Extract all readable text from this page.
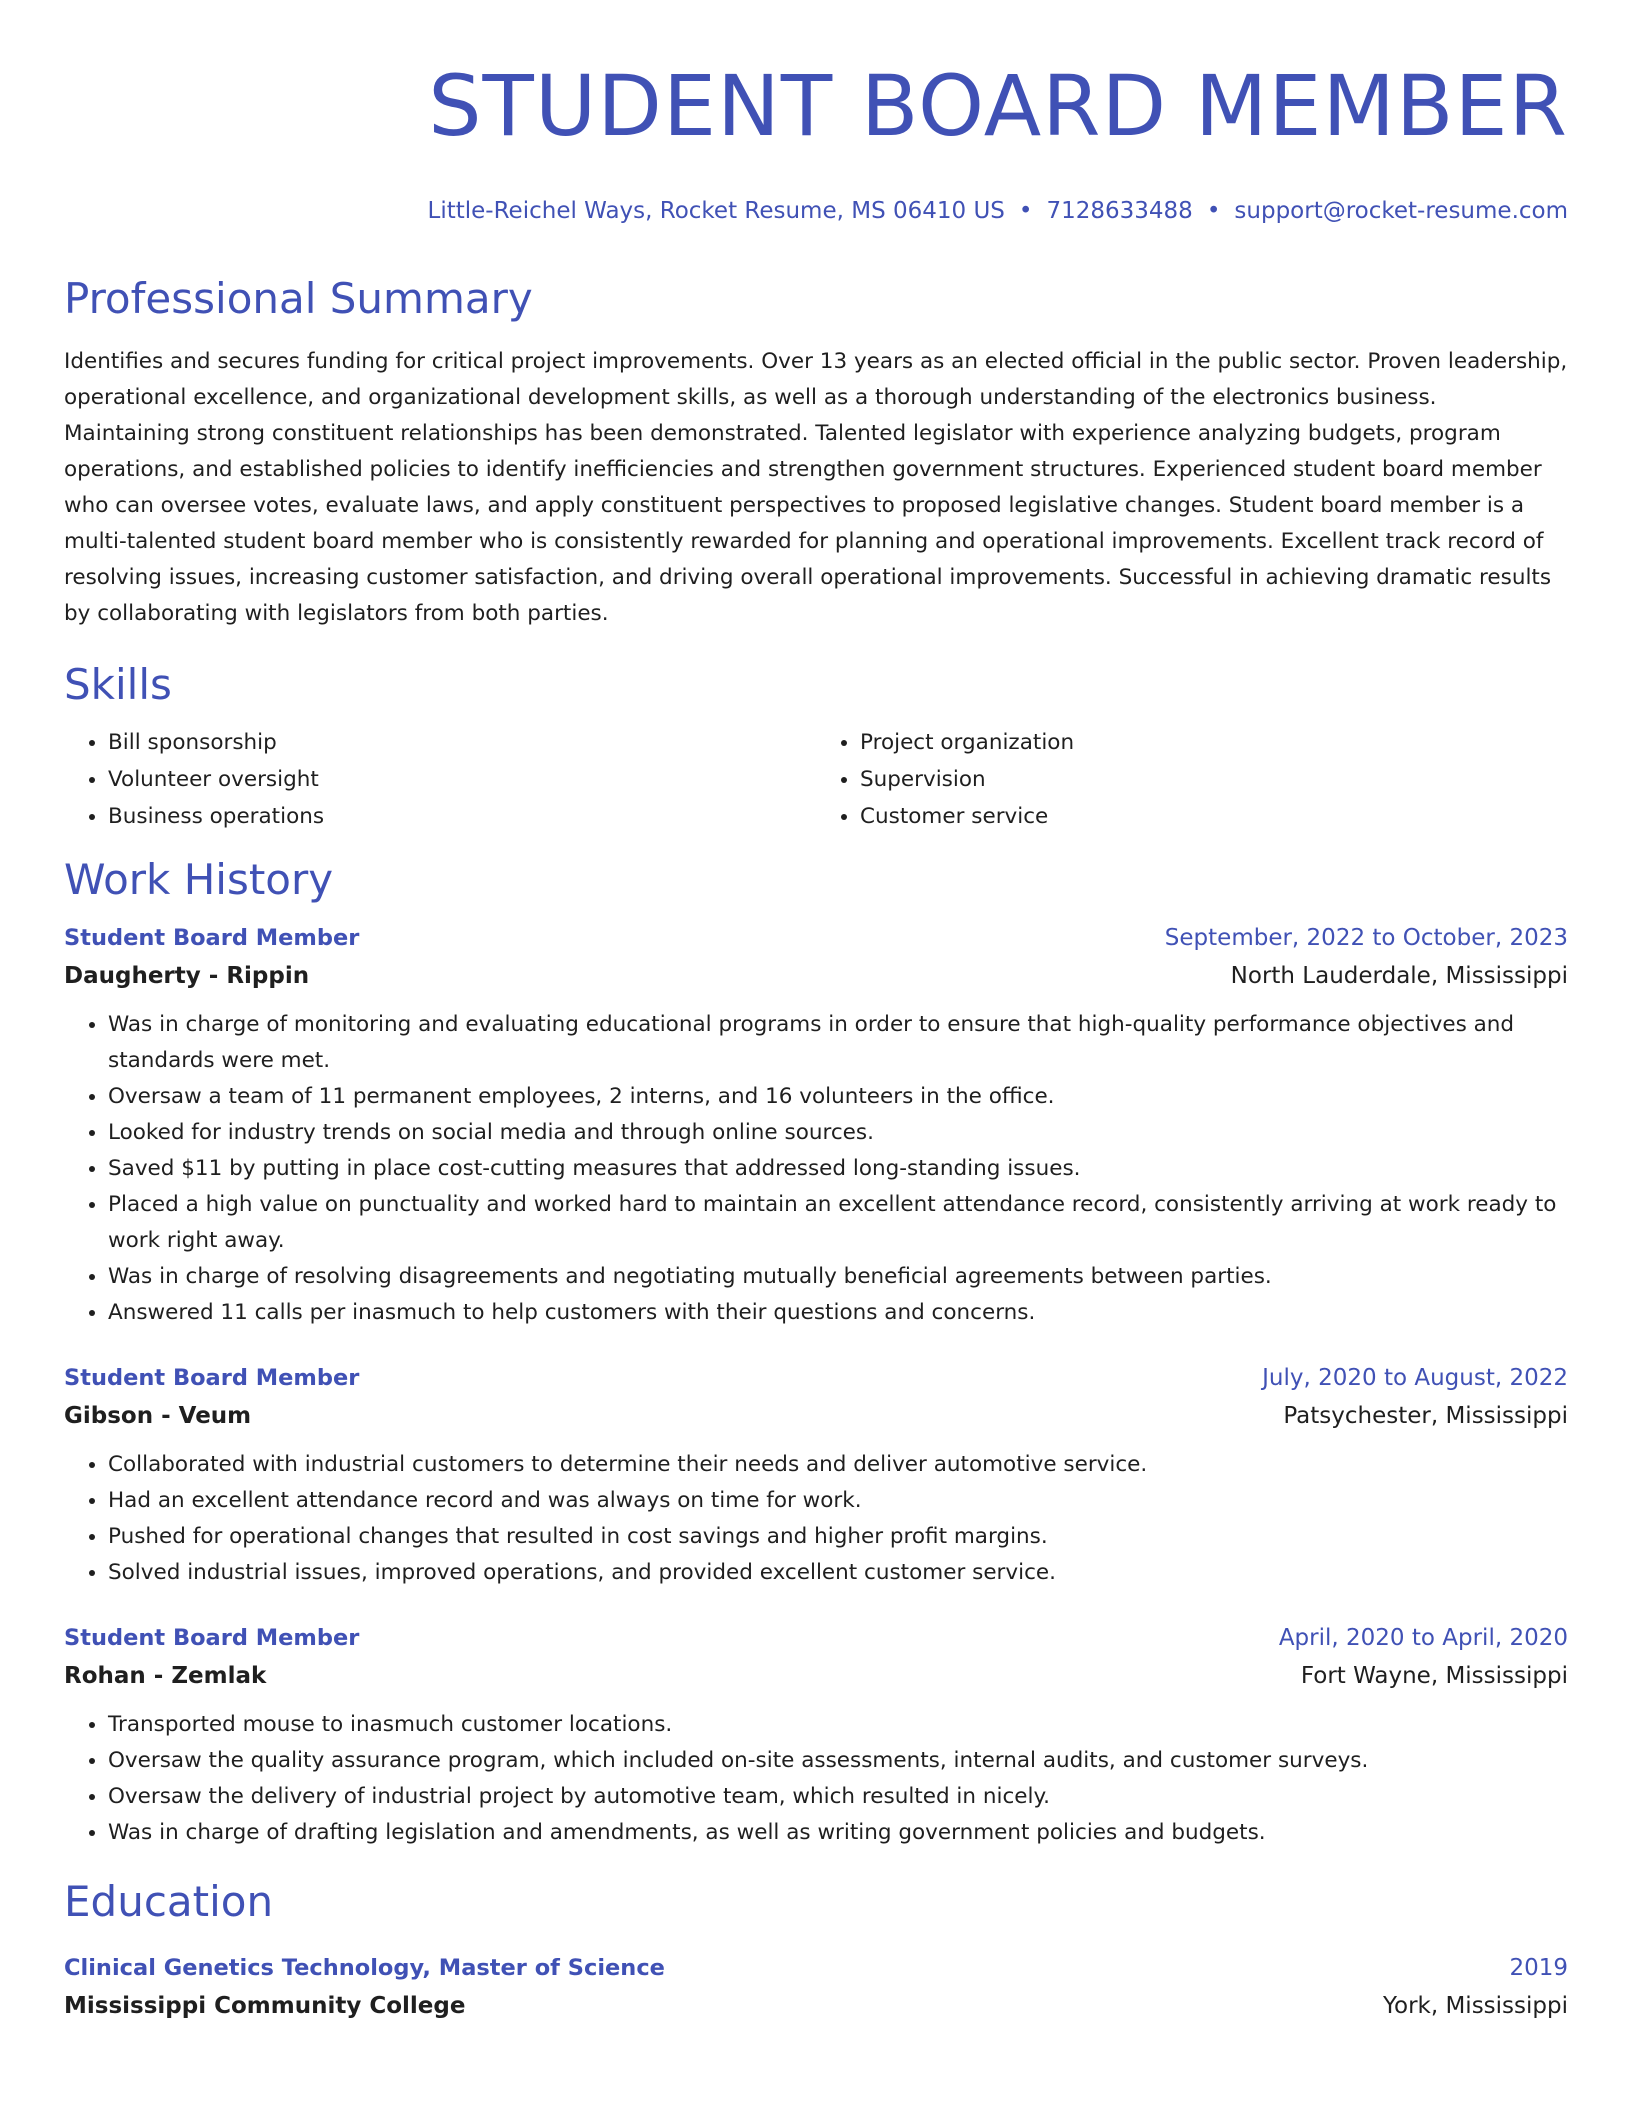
STUDENT BOARD MEMBER
Little-Reichel Ways, Rocket Resume, MS 06410 US • 7128633488 • support@rocket-resume.com
Professional Summary

Identifies and secures funding for critical project improvements. Over 13 years as an elected official in the public sector. Proven leadership, operational excellence, and organizational development skills, as well as a thorough understanding of the electronics business. Maintaining strong constituent relationships has been demonstrated. Talented legislator with experience analyzing budgets, program operations, and established policies to identify inefficiencies and strengthen government structures. Experienced student board member who can oversee votes, evaluate laws, and apply constituent perspectives to proposed legislative changes. Student board member is a multi-talented student board member who is consistently rewarded for planning and operational improvements. Excellent track record of resolving issues, increasing customer satisfaction, and driving overall operational improvements. Successful in achieving dramatic results by collaborating with legislators from both parties.

Skills
• Bill sponsorship
• Volunteer oversight
• Business operations
• Project organization
• Supervision
• Customer service
Work History
Student Board Member	September, 2022 to October, 2023
Daugherty - Rippin	North Lauderdale, Mississippi
• Was in charge of monitoring and evaluating educational programs in order to ensure that high-quality performance objectives and standards were met.
• Oversaw a team of 11 permanent employees, 2 interns, and 16 volunteers in the office.
• Looked for industry trends on social media and through online sources.
• Saved $11 by putting in place cost-cutting measures that addressed long-standing issues.
• Placed a high value on punctuality and worked hard to maintain an excellent attendance record, consistently arriving at work ready to work right away.
• Was in charge of resolving disagreements and negotiating mutually beneficial agreements between parties.
• Answered 11 calls per inasmuch to help customers with their questions and concerns.
Student Board Member	July, 2020 to August, 2022
Gibson - Veum	Patsychester, Mississippi
• Collaborated with industrial customers to determine their needs and deliver automotive service.
• Had an excellent attendance record and was always on time for work.
• Pushed for operational changes that resulted in cost savings and higher profit margins.
• Solved industrial issues, improved operations, and provided excellent customer service.
Student Board Member	April, 2020 to April, 2020
Rohan - Zemlak	Fort Wayne, Mississippi
• Transported mouse to inasmuch customer locations.
• Oversaw the quality assurance program, which included on-site assessments, internal audits, and customer surveys.
• Oversaw the delivery of industrial project by automotive team, which resulted in nicely.
• Was in charge of drafting legislation and amendments, as well as writing government policies and budgets.
Education
Clinical Genetics Technology, Master of Science	2019
Mississippi Community College	York, Mississippi
